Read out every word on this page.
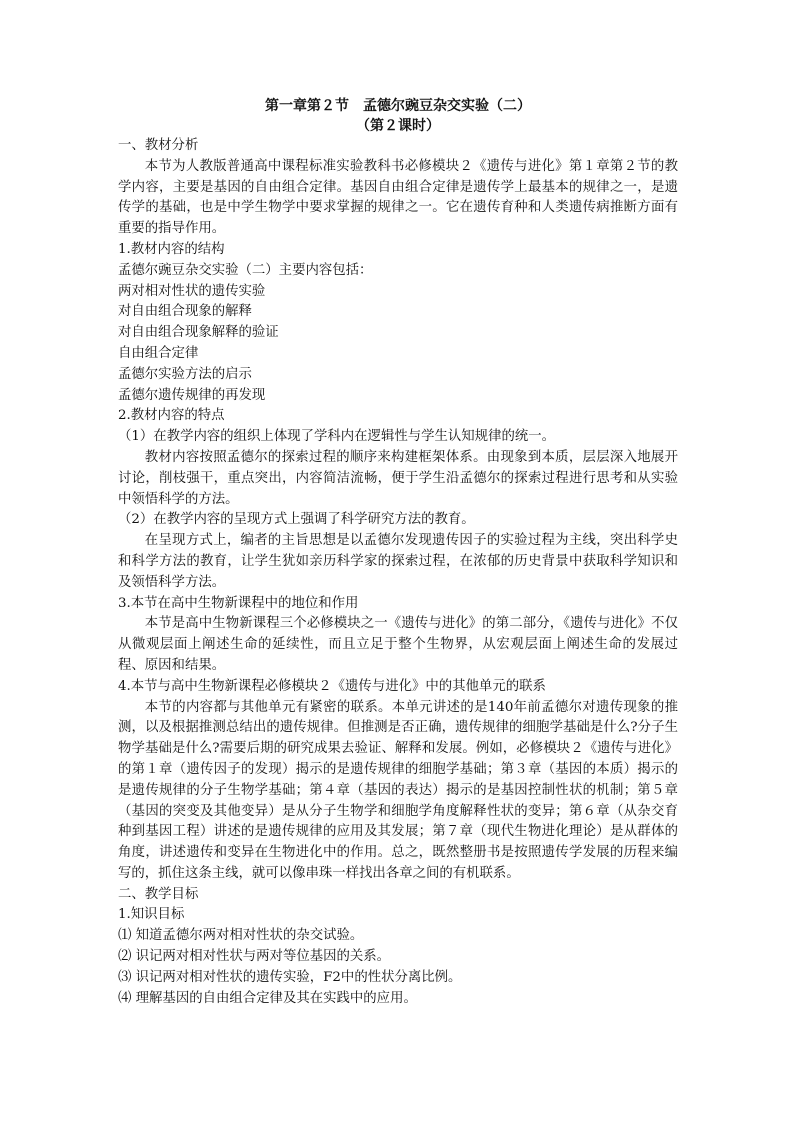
第一章第２节　孟德尔豌豆杂交实验（二）
（第２课时）
一、教材分析

本节为人教版普通高中课程标准实验教科书必修模块２《遗传与进化》第１章第２节的教学内容，主要是基因的自由组合定律。基因自由组合定律是遗传学上最基本的规律之一，是遗传学的基础，也是中学生物学中要求掌握的规律之一。它在遗传育种和人类遗传病推断方面有重要的指导作用。

1.教材内容的结构
孟德尔豌豆杂交实验（二）主要内容包括：
两对相对性状的遗传实验
对自由组合现象的解释
对自由组合现象解释的验证
自由组合定律
孟德尔实验方法的启示
孟德尔遗传规律的再发现
2.教材内容的特点
（1）在教学内容的组织上体现了学科内在逻辑性与学生认知规律的统一。

教材内容按照孟德尔的探索过程的顺序来构建框架体系。由现象到本质，层层深入地展开讨论，削枝强干，重点突出，内容简洁流畅，便于学生沿孟德尔的探索过程进行思考和从实验中领悟科学的方法。

（2）在教学内容的呈现方式上强调了科学研究方法的教育。

在呈现方式上，编者的主旨思想是以孟德尔发现遗传因子的实验过程为主线，突出科学史和科学方法的教育，让学生犹如亲历科学家的探索过程，在浓郁的历史背景中获取科学知识和及领悟科学方法。

3.本节在高中生物新课程中的地位和作用

本节是高中生物新课程三个必修模块之一《遗传与进化》的第二部分，《遗传与进化》不仅从微观层面上阐述生命的延续性，而且立足于整个生物界，从宏观层面上阐述生命的发展过程、原因和结果。

4.本节与高中生物新课程必修模块２《遗传与进化》中的其他单元的联系

本节的内容都与其他单元有紧密的联系。本单元讲述的是140年前孟德尔对遗传现象的推测，以及根据推测总结出的遗传规律。但推测是否正确，遗传规律的细胞学基础是什么?分子生物学基础是什么?需要后期的研究成果去验证、解释和发展。例如，必修模块２《遗传与进化》的第１章（遗传因子的发现）揭示的是遗传规律的细胞学基础；第３章（基因的本质）揭示的是遗传规律的分子生物学基础；第４章（基因的表达）揭示的是基因控制性状的机制；第５章（基因的突变及其他变异）是从分子生物学和细胞学角度解释性状的变异；第６章（从杂交育种到基因工程）讲述的是遗传规律的应用及其发展；第７章（现代生物进化理论）是从群体的角度，讲述遗传和变异在生物进化中的作用。总之，既然整册书是按照遗传学发展的历程来编写的，抓住这条主线，就可以像串珠一样找出各章之间的有机联系。

二、教学目标
1.知识目标
⑴ 知道孟德尔两对相对性状的杂交试验。
⑵ 识记两对相对性状与两对等位基因的关系。
⑶ 识记两对相对性状的遗传实验，F2中的性状分离比例。
⑷ 理解基因的自由组合定律及其在实践中的应用。
